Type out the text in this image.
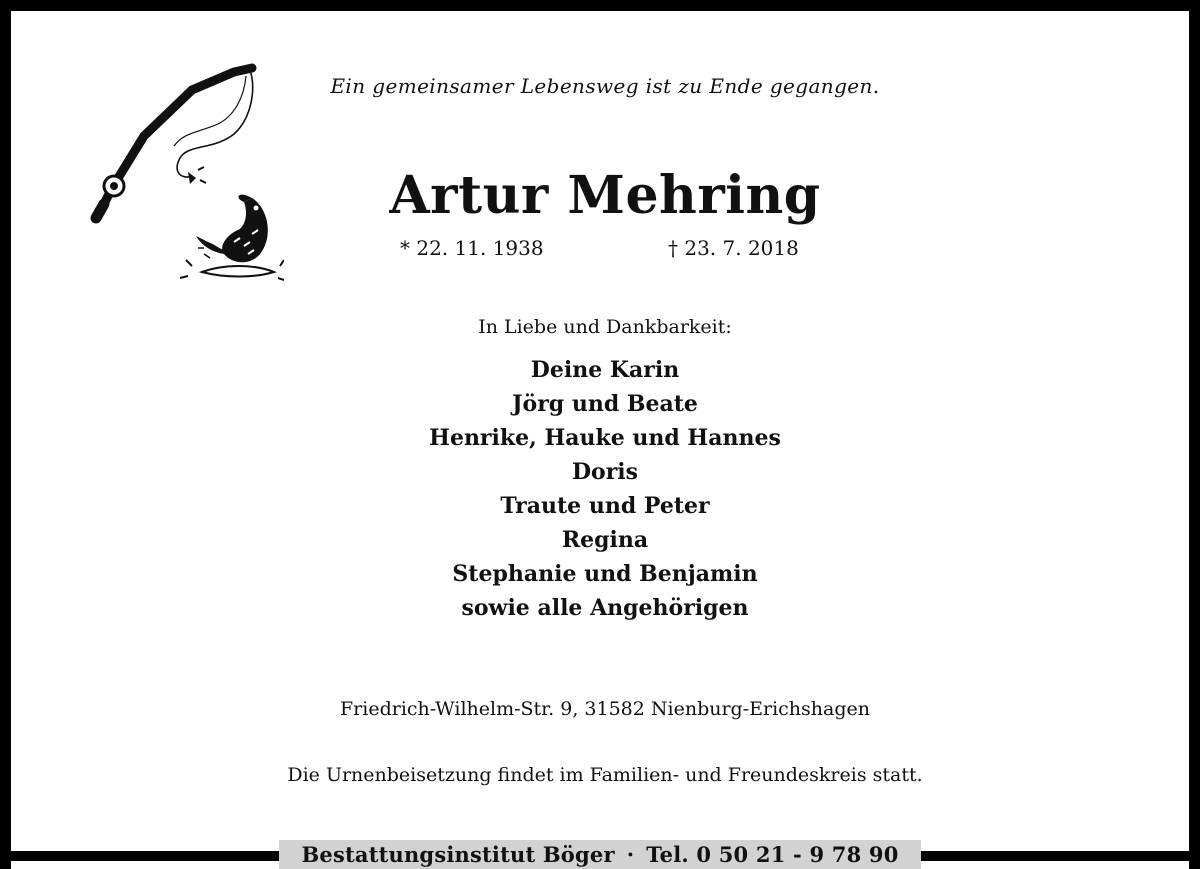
Ein gemeinsamer Lebensweg ist zu Ende gegangen.
Artur Mehring
* 22. 11. 1938	† 23. 7. 2018
In Liebe und Dankbarkeit:
Deine Karin
Jörg und Beate
Henrike, Hauke und Hannes
Doris
Traute und Peter
Regina
Stephanie und Benjamin
sowie alle Angehörigen
Friedrich-Wilhelm-Str. 9, 31582 Nienburg-Erichshagen
Die Urnenbeisetzung findet im Familien- und Freundeskreis statt.
Bestattungsinstitut Böger · Tel. 0 50 21 - 9 78 90
